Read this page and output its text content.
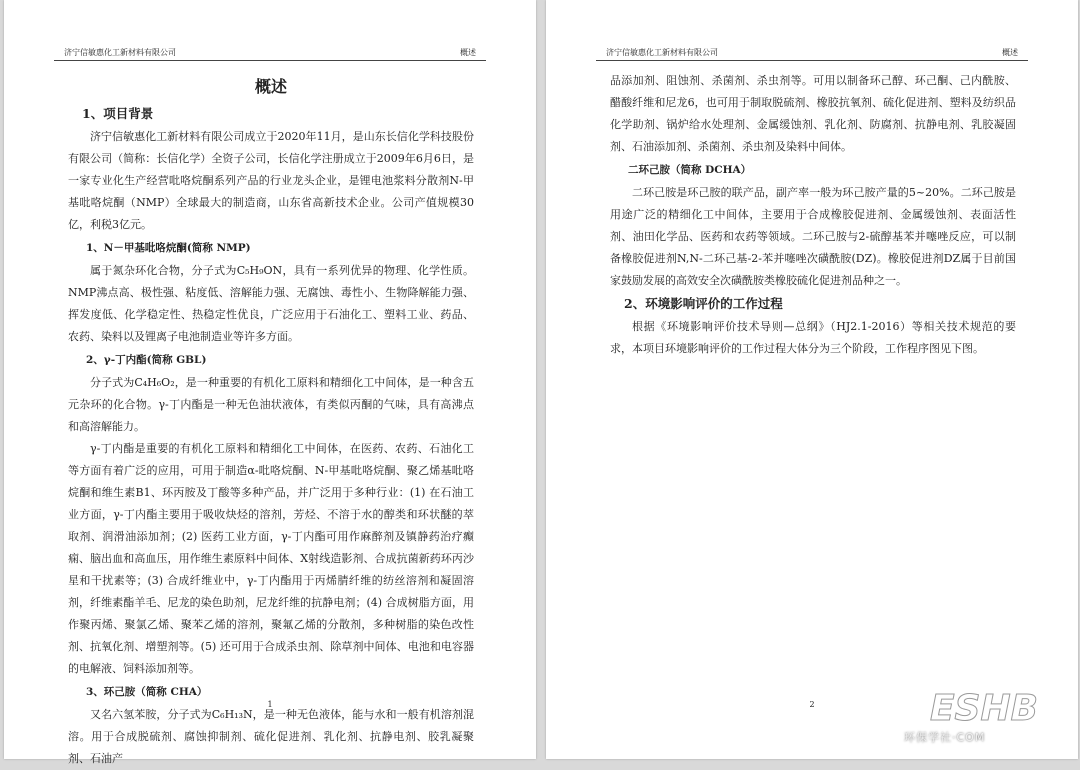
济宁信敏惠化工新材料有限公司	概述
概述
1、项目背景

济宁信敏惠化工新材料有限公司成立于2020年11月，是山东长信化学科技股份有限公司（简称：长信化学）全资子公司，长信化学注册成立于2009年6月6日，是一家专业化生产经营吡咯烷酮系列产品的行业龙头企业，是锂电池浆料分散剂N-甲基吡咯烷酮（NMP）全球最大的制造商，山东省高新技术企业。公司产值规模30亿，利税3亿元。

1、N－甲基吡咯烷酮(简称 NMP)

属于氮杂环化合物，分子式为C₅H₉ON，具有一系列优异的物理、化学性质。NMP沸点高、极性强、粘度低、溶解能力强、无腐蚀、毒性小、生物降解能力强、挥发度低、化学稳定性、热稳定性优良，广泛应用于石油化工、塑料工业、药品、农药、染料以及锂离子电池制造业等许多方面。

2、γ-丁内酯(简称 GBL)

分子式为C₄H₆O₂，是一种重要的有机化工原料和精细化工中间体，是一种含五元杂环的化合物。γ-丁内酯是一种无色油状液体，有类似丙酮的气味，具有高沸点和高溶解能力。

γ-丁内酯是重要的有机化工原料和精细化工中间体，在医药、农药、石油化工等方面有着广泛的应用，可用于制造α-吡咯烷酮、N-甲基吡咯烷酮、聚乙烯基吡咯烷酮和维生素B1、环丙胺及丁酸等多种产品，并广泛用于多种行业：(1) 在石油工业方面，γ-丁内酯主要用于吸收炔烃的溶剂，芳烃、不溶于水的醇类和环状醚的萃取剂、润滑油添加剂；(2) 医药工业方面，γ-丁内酯可用作麻醉剂及镇静药治疗癫痫、脑出血和高血压，用作维生素原料中间体、X射线造影剂、合成抗菌新药环丙沙星和干扰素等；(3) 合成纤维业中，γ-丁内酯用于丙烯腈纤维的纺丝溶剂和凝固溶剂，纤维素酯羊毛、尼龙的染色助剂，尼龙纤维的抗静电剂；(4) 合成树脂方面，用作聚丙烯、聚氯乙烯、聚苯乙烯的溶剂，聚氟乙烯的分散剂，多种树脂的染色改性剂、抗氧化剂、增塑剂等。(5) 还可用于合成杀虫剂、除草剂中间体、电池和电容器的电解液、饲料添加剂等。

3、环己胺（简称 CHA）

又名六氢苯胺，分子式为C₆H₁₃N，是一种无色液体，能与水和一般有机溶剂混溶。用于合成脱硫剂、腐蚀抑制剂、硫化促进剂、乳化剂、抗静电剂、胶乳凝聚剂、石油产

1
济宁信敏惠化工新材料有限公司	概述

品添加剂、阻蚀剂、杀菌剂、杀虫剂等。可用以制备环己醇、环己酮、己内酰胺、醋酸纤维和尼龙6，也可用于制取脱硫剂、橡胶抗氧剂、硫化促进剂、塑料及纺织品化学助剂、锅炉给水处理剂、金属缓蚀剂、乳化剂、防腐剂、抗静电剂、乳胶凝固剂、石油添加剂、杀菌剂、杀虫剂及染料中间体。

二环己胺（简称 DCHA）

二环己胺是环己胺的联产品，副产率一般为环己胺产量的5~20%。二环己胺是用途广泛的精细化工中间体，主要用于合成橡胶促进剂、金属缓蚀剂、表面活性剂、油田化学品、医药和农药等领域。二环己胺与2-硫醇基苯并噻唑反应，可以制备橡胶促进剂N,N-二环己基-2-苯并噻唑次磺酰胺(DZ)。橡胶促进剂DZ属于目前国家鼓励发展的高效安全次磺酰胺类橡胶硫化促进剂品种之一。

2、环境影响评价的工作过程

根据《环境影响评价技术导则—总纲》（HJ2.1-2016）等相关技术规范的要求，本项目环境影响评价的工作过程大体分为三个阶段，工作程序图见下图。

2	ESHB
环保学社·COM
